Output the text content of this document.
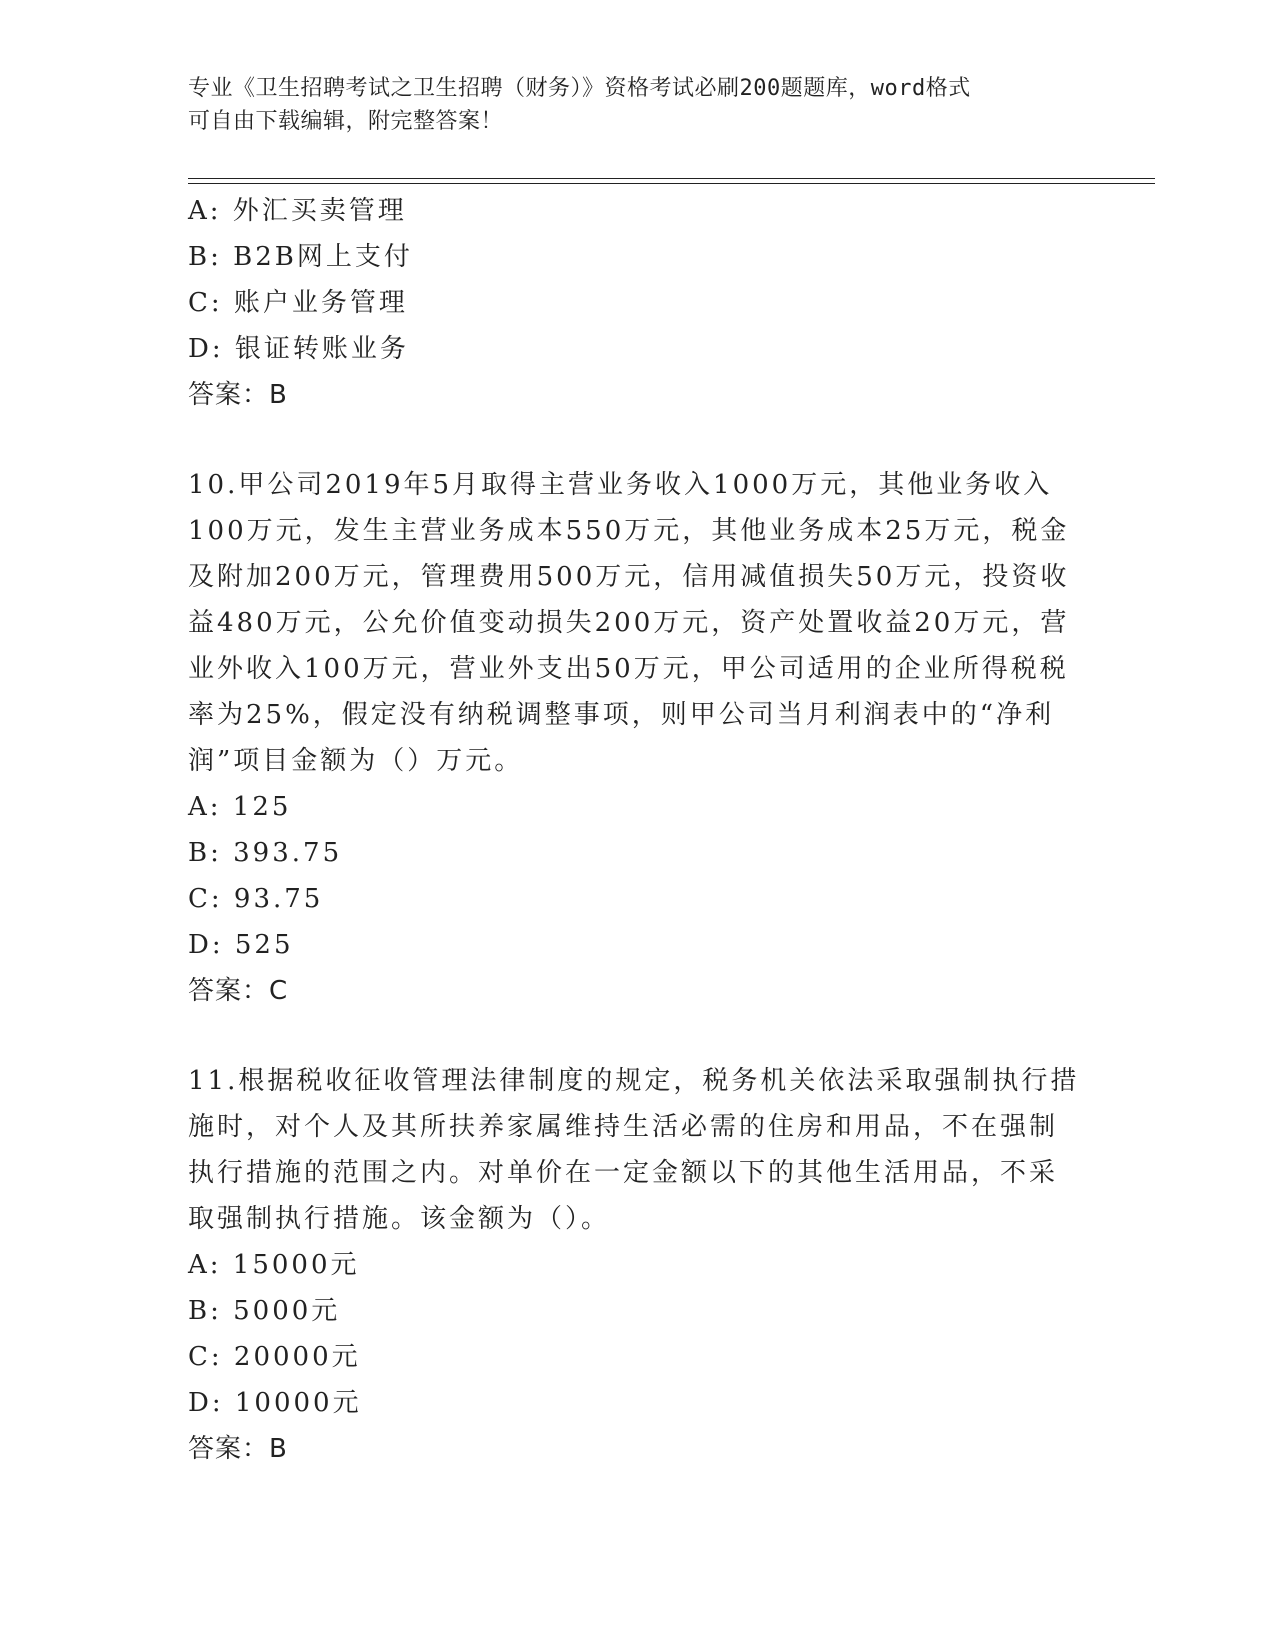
专业《卫生招聘考试之卫生招聘（财务）》资格考试必刷200题题库，word格式
可自由下载编辑，附完整答案！
A: 外汇买卖管理
B: B2B网上支付
C: 账户业务管理
D: 银证转账业务
答案：B
10.甲公司2019年5月取得主营业务收入1000万元，其他业务收入
100万元，发生主营业务成本550万元，其他业务成本25万元，税金
及附加200万元，管理费用500万元，信用减值损失50万元，投资收
益480万元，公允价值变动损失200万元，资产处置收益20万元，营
业外收入100万元，营业外支出50万元，甲公司适用的企业所得税税
率为25%，假定没有纳税调整事项，则甲公司当月利润表中的“净利
润”项目金额为（）万元。
A: 125
B: 393.75
C: 93.75
D: 525
答案：C
11.根据税收征收管理法律制度的规定，税务机关依法采取强制执行措
施时，对个人及其所扶养家属维持生活必需的住房和用品，不在强制
执行措施的范围之内。对单价在一定金额以下的其他生活用品，不采
取强制执行措施。该金额为（）。
A: 15000元
B: 5000元
C: 20000元
D: 10000元
答案：B
